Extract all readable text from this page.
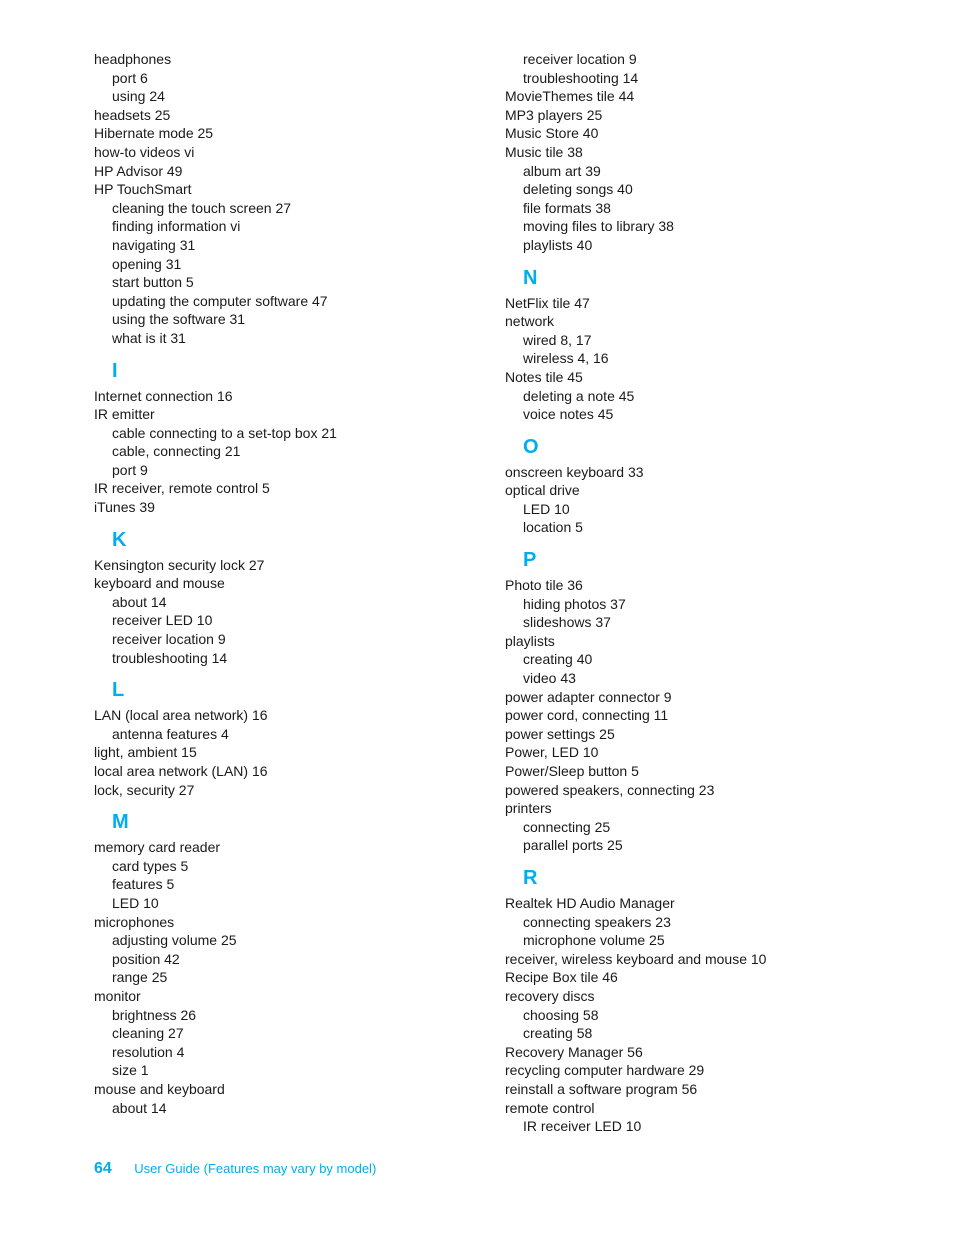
headphones
port 6
using 24
headsets 25
Hibernate mode 25
how-to videos vi
HP Advisor 49
HP TouchSmart
cleaning the touch screen 27
finding information vi
navigating 31
opening 31
start button 5
updating the computer software 47
using the software 31
what is it 31
I
Internet connection 16
IR emitter
cable connecting to a set-top box 21
cable, connecting 21
port 9
IR receiver, remote control 5
iTunes 39
K
Kensington security lock 27
keyboard and mouse
about 14
receiver LED 10
receiver location 9
troubleshooting 14
L
LAN (local area network) 16
antenna features 4
light, ambient 15
local area network (LAN) 16
lock, security 27
M
memory card reader
card types 5
features 5
LED 10
microphones
adjusting volume 25
position 42
range 25
monitor
brightness 26
cleaning 27
resolution 4
size 1
mouse and keyboard
about 14
receiver location 9
troubleshooting 14
MovieThemes tile 44
MP3 players 25
Music Store 40
Music tile 38
album art 39
deleting songs 40
file formats 38
moving files to library 38
playlists 40
N
NetFlix tile 47
network
wired 8, 17
wireless 4, 16
Notes tile 45
deleting a note 45
voice notes 45
O
onscreen keyboard 33
optical drive
LED 10
location 5
P
Photo tile 36
hiding photos 37
slideshows 37
playlists
creating 40
video 43
power adapter connector 9
power cord, connecting 11
power settings 25
Power, LED 10
Power/Sleep button 5
powered speakers, connecting 23
printers
connecting 25
parallel ports 25
R
Realtek HD Audio Manager
connecting speakers 23
microphone volume 25
receiver, wireless keyboard and mouse 10
Recipe Box tile 46
recovery discs
choosing 58
creating 58
Recovery Manager 56
recycling computer hardware 29
reinstall a software program 56
remote control
IR receiver LED 10
64 User Guide (Features may vary by model)
